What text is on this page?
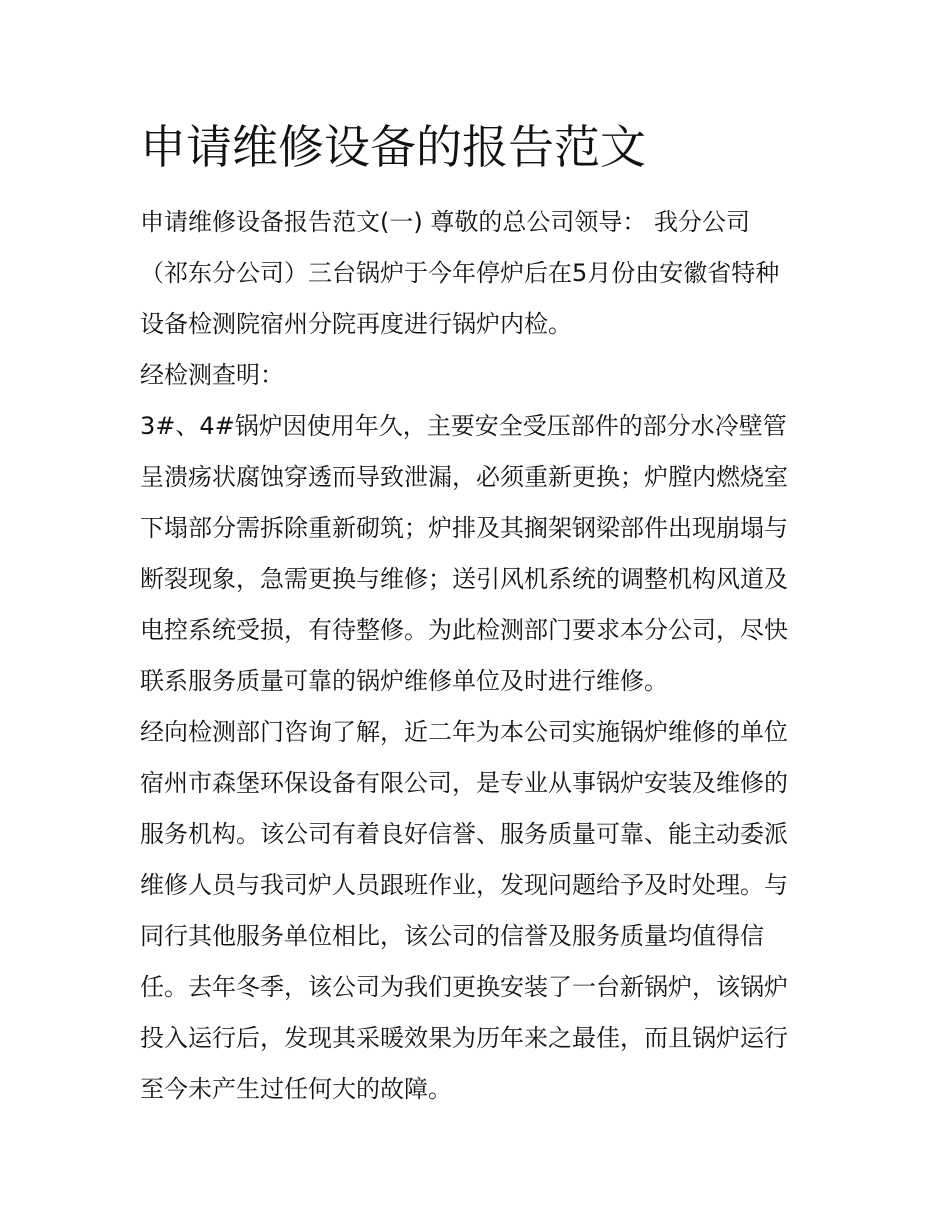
申请维修设备的报告范文

申请维修设备报告范文(一) 尊敬的总公司领导： 我分公司

（祁东分公司）三台锅炉于今年停炉后在5月份由安徽省特种

设备检测院宿州分院再度进行锅炉内检。

经检测查明：

3#、4#锅炉因使用年久，主要安全受压部件的部分水冷壁管

呈溃疡状腐蚀穿透而导致泄漏，必须重新更换；炉膛内燃烧室

下塌部分需拆除重新砌筑；炉排及其搁架钢梁部件出现崩塌与

断裂现象，急需更换与维修；送引风机系统的调整机构风道及

电控系统受损，有待整修。为此检测部门要求本分公司，尽快

联系服务质量可靠的锅炉维修单位及时进行维修。

经向检测部门咨询了解，近二年为本公司实施锅炉维修的单位

宿州市森堡环保设备有限公司，是专业从事锅炉安装及维修的

服务机构。该公司有着良好信誉、服务质量可靠、能主动委派

维修人员与我司炉人员跟班作业，发现问题给予及时处理。与

同行其他服务单位相比，该公司的信誉及服务质量均值得信

任。去年冬季，该公司为我们更换安装了一台新锅炉，该锅炉

投入运行后，发现其采暖效果为历年来之最佳，而且锅炉运行

至今未产生过任何大的故障。
